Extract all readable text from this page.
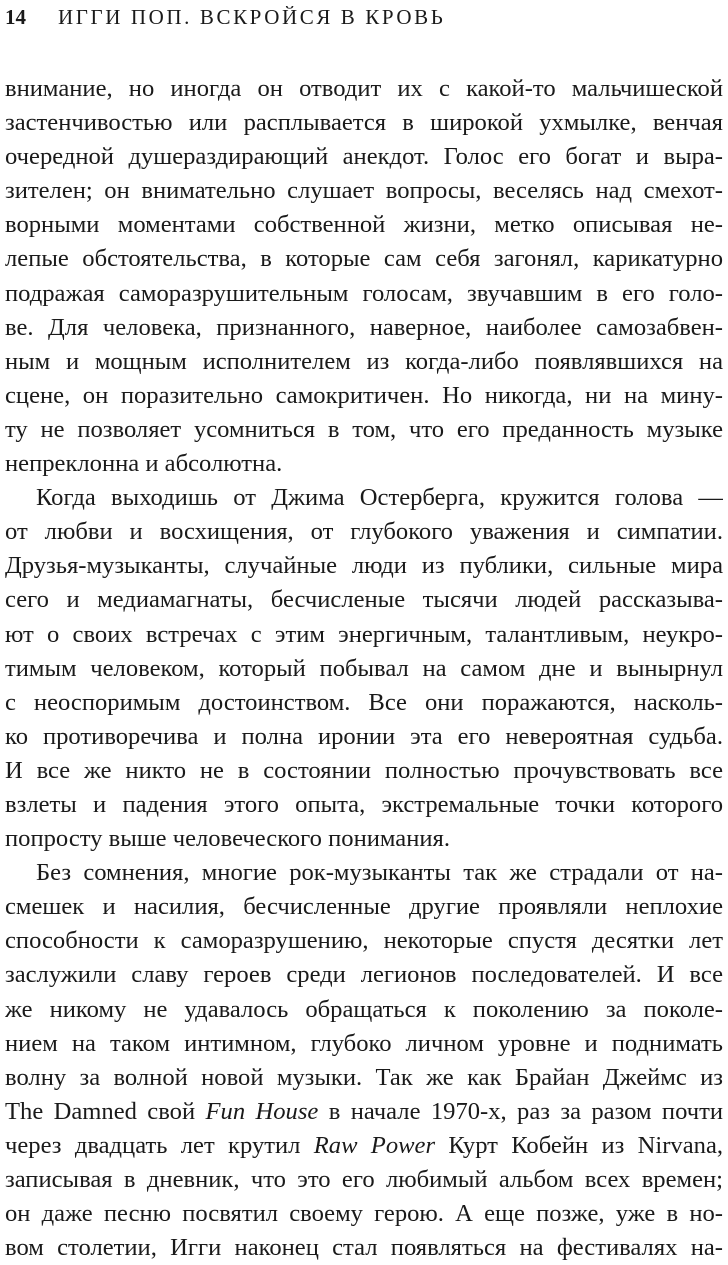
14 ИГГИ ПОП. ВСКРОЙСЯ В КРОВЬ
внимание, но иногда он отводит их с какой-то мальчишеской
застенчивостью или расплывается в широкой ухмылке, венчая
очередной душераздирающий анекдот. Голос его богат и выра-
зителен; он внимательно слушает вопросы, веселясь над смехот-
ворными моментами собственной жизни, метко описывая не-
лепые обстоятельства, в которые сам себя загонял, карикатурно
подражая саморазрушительным голосам, звучавшим в его голо-
ве. Для человека, признанного, наверное, наиболее самозабвен-
ным и мощным исполнителем из когда-либо появлявшихся на
сцене, он поразительно самокритичен. Но никогда, ни на мину-
ту не позволяет усомниться в том, что его преданность музыке
непреклонна и абсолютна.
Когда выходишь от Джима Остерберга, кружится голова —
от любви и восхищения, от глубокого уважения и симпатии.
Друзья-музыканты, случайные люди из публики, сильные мира
сего и медиамагнаты, бесчисленые тысячи людей рассказыва-
ют о своих встречах с этим энергичным, талантливым, неукро-
тимым человеком, который побывал на самом дне и вынырнул
с неоспоримым достоинством. Все они поражаются, насколь-
ко противоречива и полна иронии эта его невероятная судьба.
И все же никто не в состоянии полностью прочувствовать все
взлеты и падения этого опыта, экстремальные точки которого
попросту выше человеческого понимания.
Без сомнения, многие рок-музыканты так же страдали от на-
смешек и насилия, бесчисленные другие проявляли неплохие
способности к саморазрушению, некоторые спустя десятки лет
заслужили славу героев среди легионов последователей. И все
же никому не удавалось обращаться к поколению за поколе-
нием на таком интимном, глубоко личном уровне и поднимать
волну за волной новой музыки. Так же как Брайан Джеймс из
The Damned свой Fun House в начале 1970-х, раз за разом почти
через двадцать лет крутил Raw Power Курт Кобейн из Nirvana,
записывая в дневник, что это его любимый альбом всех времен;
он даже песню посвятил своему герою. А еще позже, уже в но-
вом столетии, Игги наконец стал появляться на фестивалях на-
